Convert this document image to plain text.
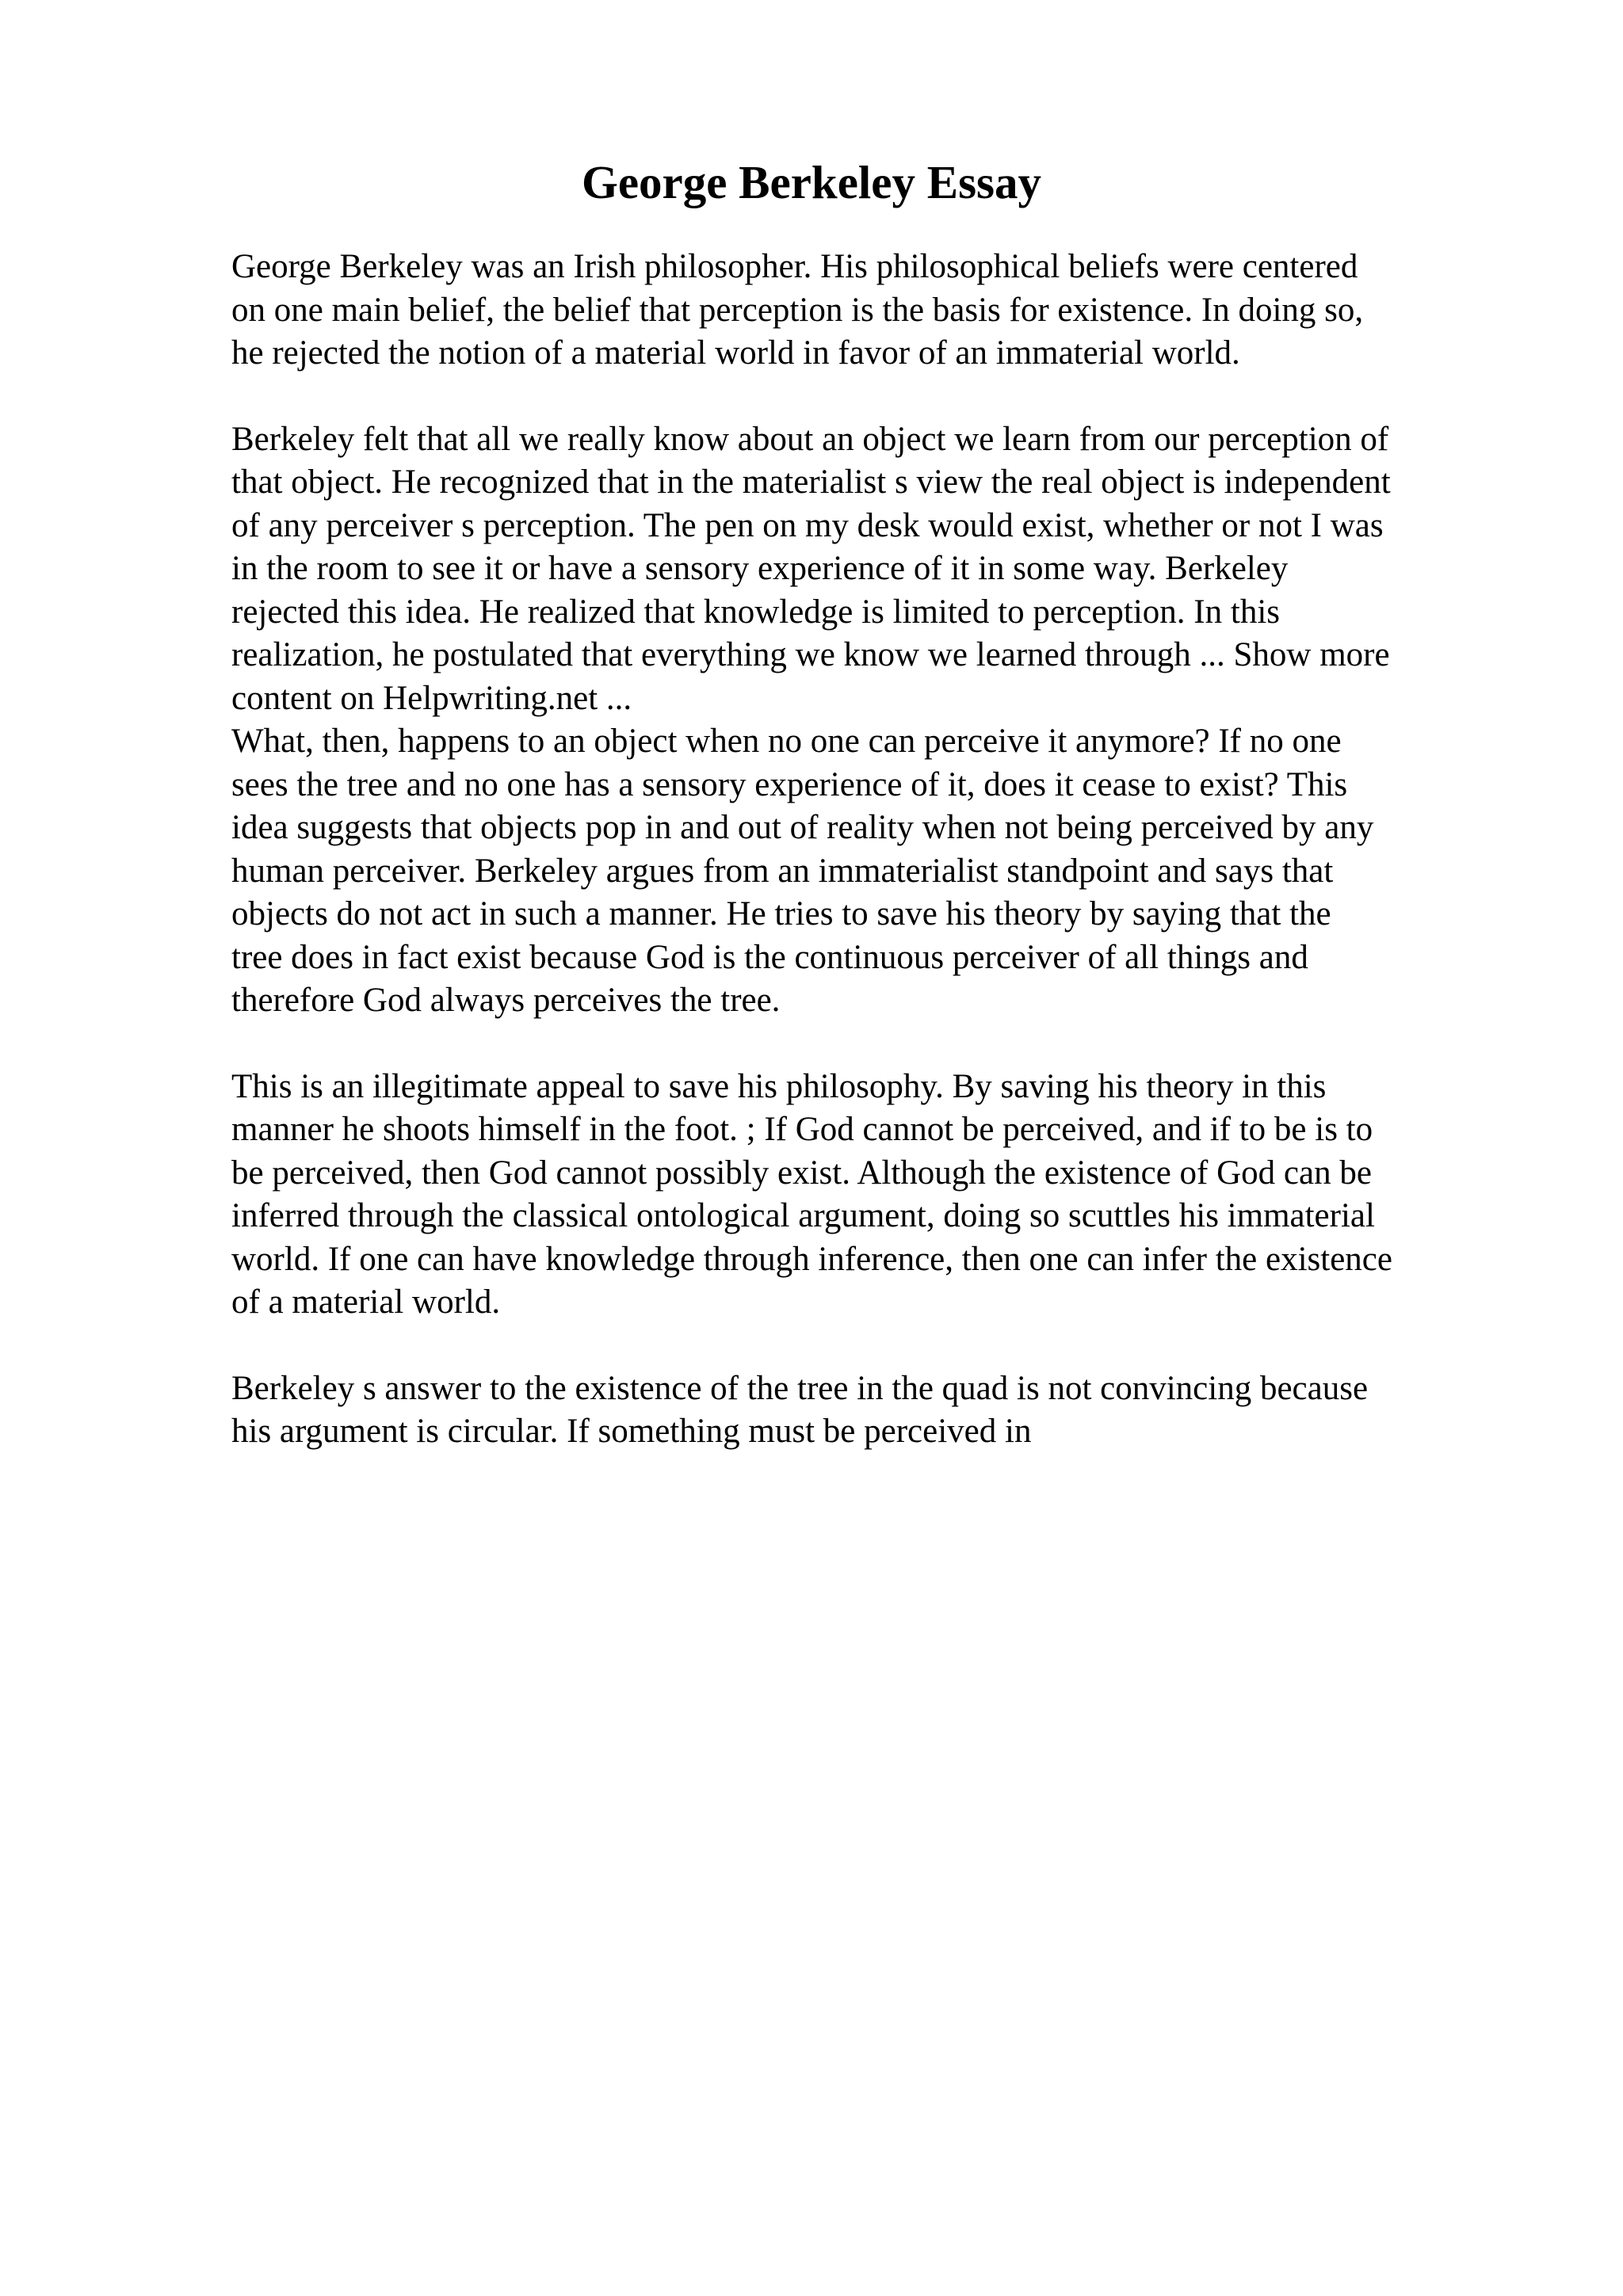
George Berkeley Essay

George Berkeley was an Irish philosopher. His philosophical beliefs were centered
on one main belief, the belief that perception is the basis for existence. In doing so,
he rejected the notion of a material world in favor of an immaterial world.

Berkeley felt that all we really know about an object we learn from our perception of
that object. He recognized that in the materialist s view the real object is independent
of any perceiver s perception. The pen on my desk would exist, whether or not I was
in the room to see it or have a sensory experience of it in some way. Berkeley
rejected this idea. He realized that knowledge is limited to perception. In this
realization, he postulated that everything we know we learned through ... Show more
content on Helpwriting.net ...

What, then, happens to an object when no one can perceive it anymore? If no one
sees the tree and no one has a sensory experience of it, does it cease to exist? This
idea suggests that objects pop in and out of reality when not being perceived by any
human perceiver. Berkeley argues from an immaterialist standpoint and says that
objects do not act in such a manner. He tries to save his theory by saying that the
tree does in fact exist because God is the continuous perceiver of all things and
therefore God always perceives the tree.

This is an illegitimate appeal to save his philosophy. By saving his theory in this
manner he shoots himself in the foot. ; If God cannot be perceived, and if to be is to
be perceived, then God cannot possibly exist. Although the existence of God can be
inferred through the classical ontological argument, doing so scuttles his immaterial
world. If one can have knowledge through inference, then one can infer the existence
of a material world.

Berkeley s answer to the existence of the tree in the quad is not convincing because
his argument is circular. If something must be perceived in
